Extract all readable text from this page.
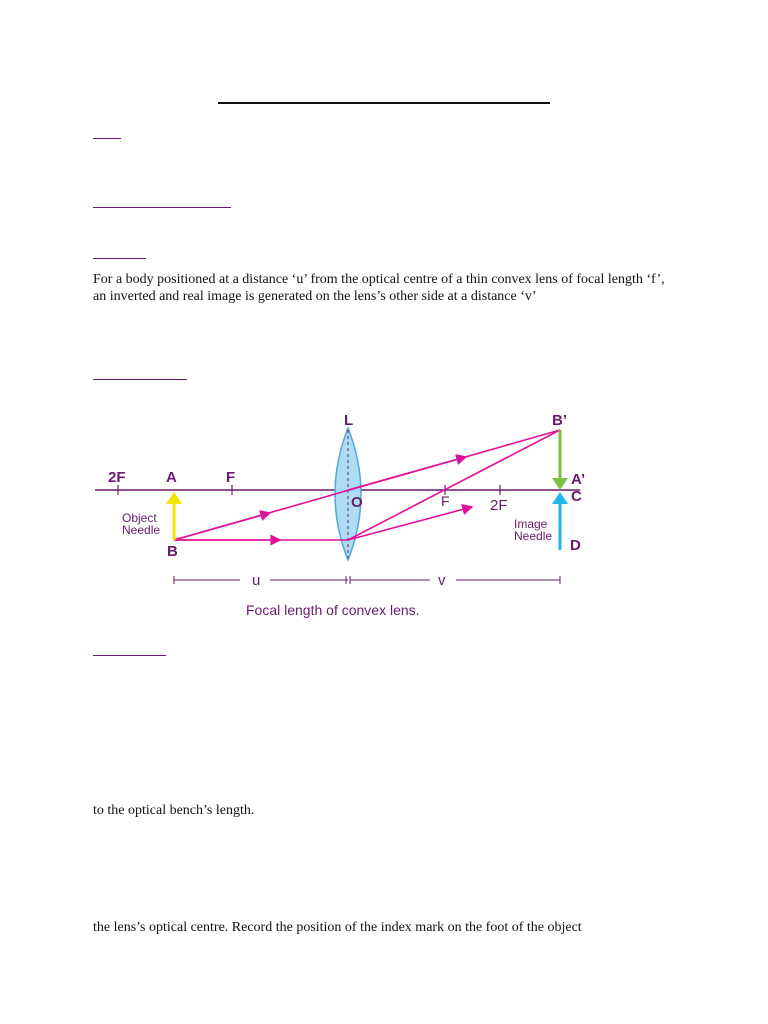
For a body positioned at a distance ‘u’ from the optical centre of a thin convex lens of focal length ‘f’, an inverted and real image is generated on the lens’s other side at a distance ‘v’

L	B’
2F	A	F	A’
C
O	F	2F
B	D
Object
Needle	Image
Needle
u	v
Focal length of convex lens.

to the optical bench’s length.

the lens’s optical centre. Record the position of the index mark on the foot of the object
